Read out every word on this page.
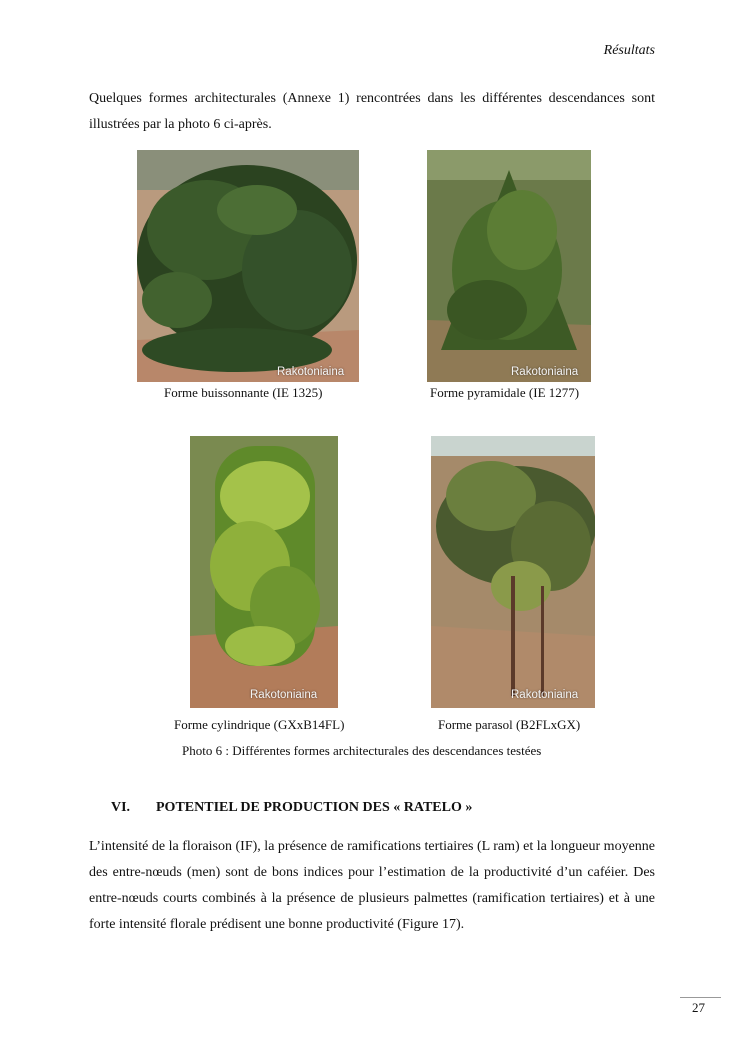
Résultats

Quelques formes architecturales (Annexe 1) rencontrées dans les différentes descendances sont illustrées par la photo 6 ci-après.

Rakotoniaina
Forme buissonnante (IE 1325)
Rakotoniaina
Forme pyramidale (IE 1277)
Rakotoniaina
Forme cylindrique (GXxB14FL)
Rakotoniaina
Forme parasol (B2FLxGX)
Photo 6 : Différentes formes architecturales des descendances testées
VI. POTENTIEL DE PRODUCTION DES « RATELO »

L’intensité de la floraison (IF), la présence de ramifications tertiaires (L ram) et la longueur moyenne des entre-nœuds (men) sont de bons indices pour l’estimation de la productivité d’un caféier. Des entre-nœuds courts combinés à la présence de plusieurs palmettes (ramification tertiaires) et à une forte intensité florale prédisent une bonne productivité (Figure 17).

27
